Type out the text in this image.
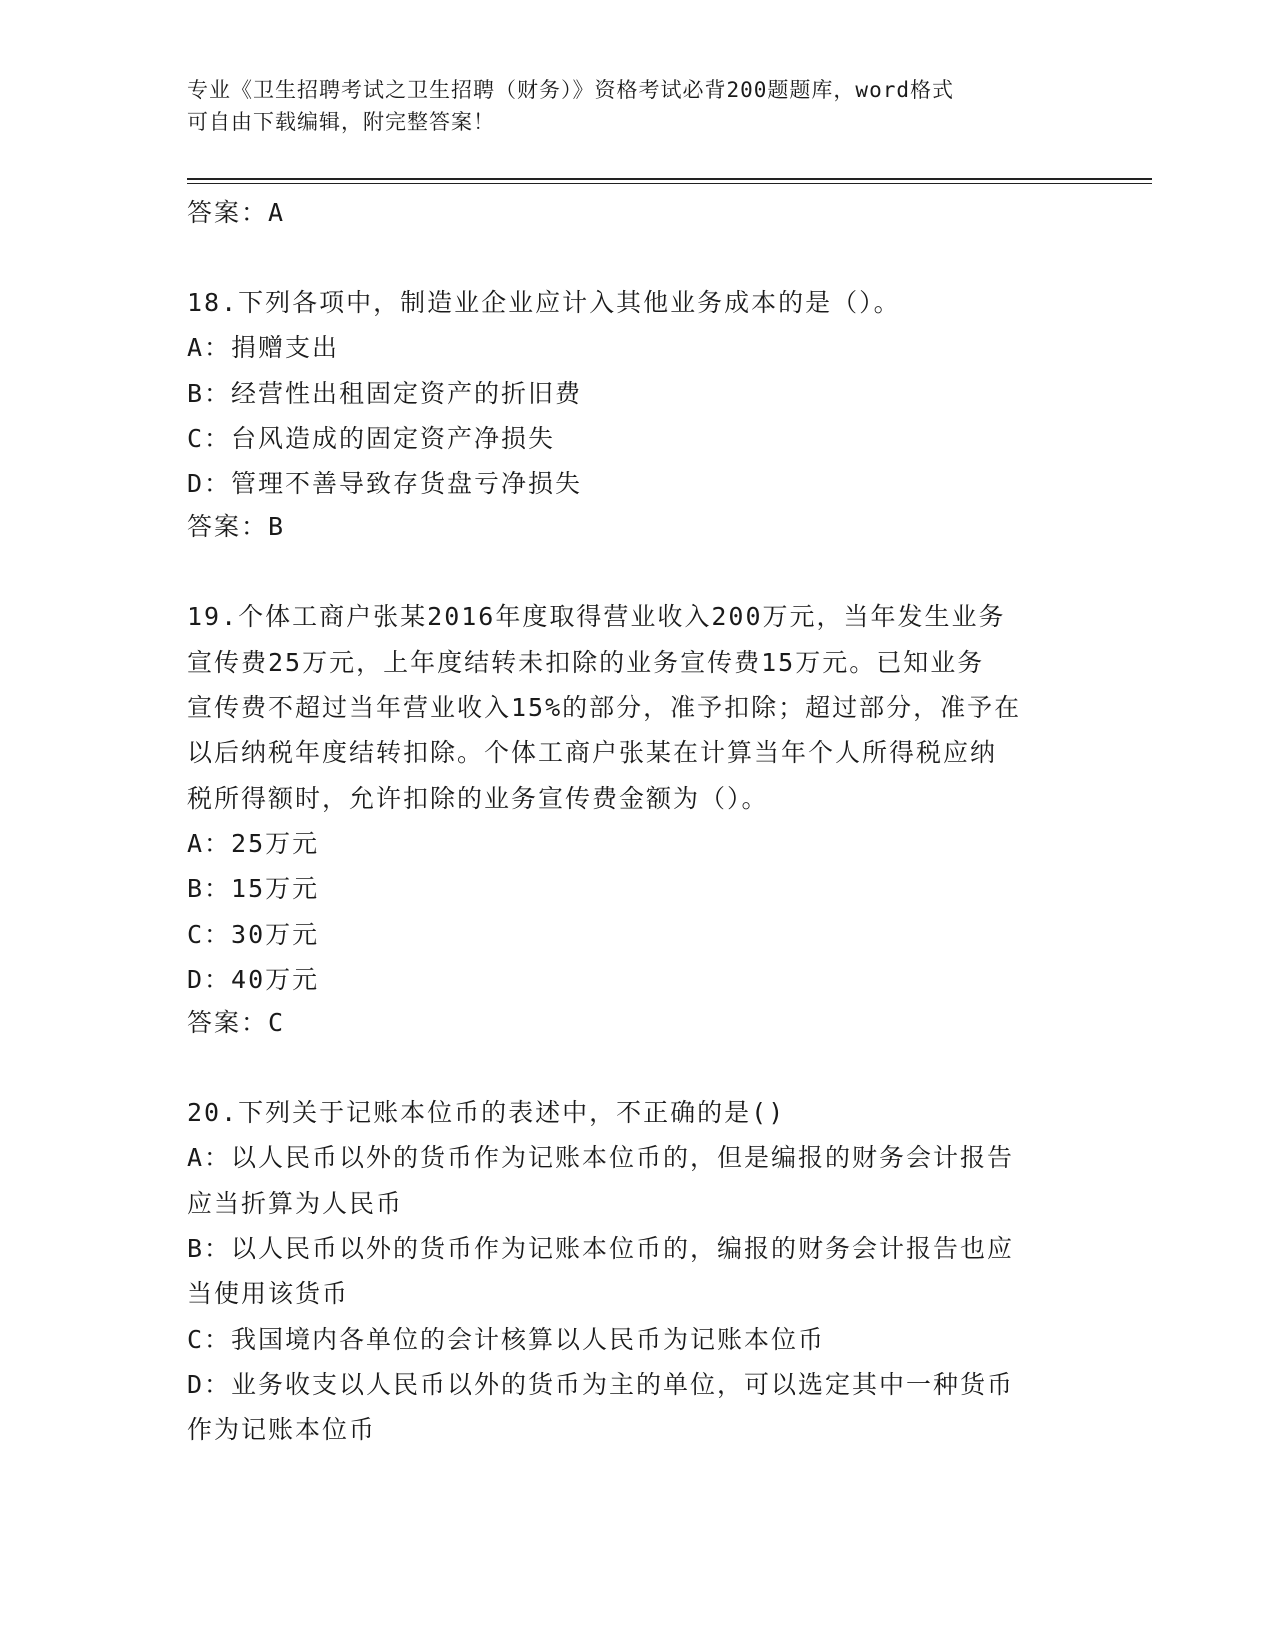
专业《卫生招聘考试之卫生招聘（财务）》资格考试必背200题题库，word格式
可自由下载编辑，附完整答案！
答案：A
18.下列各项中，制造业企业应计入其他业务成本的是（）。
A：捐赠支出
B：经营性出租固定资产的折旧费
C：台风造成的固定资产净损失
D：管理不善导致存货盘亏净损失
答案：B
19.个体工商户张某2016年度取得营业收入200万元，当年发生业务
宣传费25万元，上年度结转未扣除的业务宣传费15万元。已知业务
宣传费不超过当年营业收入15%的部分，准予扣除；超过部分，准予在
以后纳税年度结转扣除。个体工商户张某在计算当年个人所得税应纳
税所得额时，允许扣除的业务宣传费金额为（）。
A：25万元
B：15万元
C：30万元
D：40万元
答案：C
20.下列关于记账本位币的表述中，不正确的是()
A：以人民币以外的货币作为记账本位币的，但是编报的财务会计报告
应当折算为人民币
B：以人民币以外的货币作为记账本位币的，编报的财务会计报告也应
当使用该货币
C：我国境内各单位的会计核算以人民币为记账本位币
D：业务收支以人民币以外的货币为主的单位，可以选定其中一种货币
作为记账本位币
